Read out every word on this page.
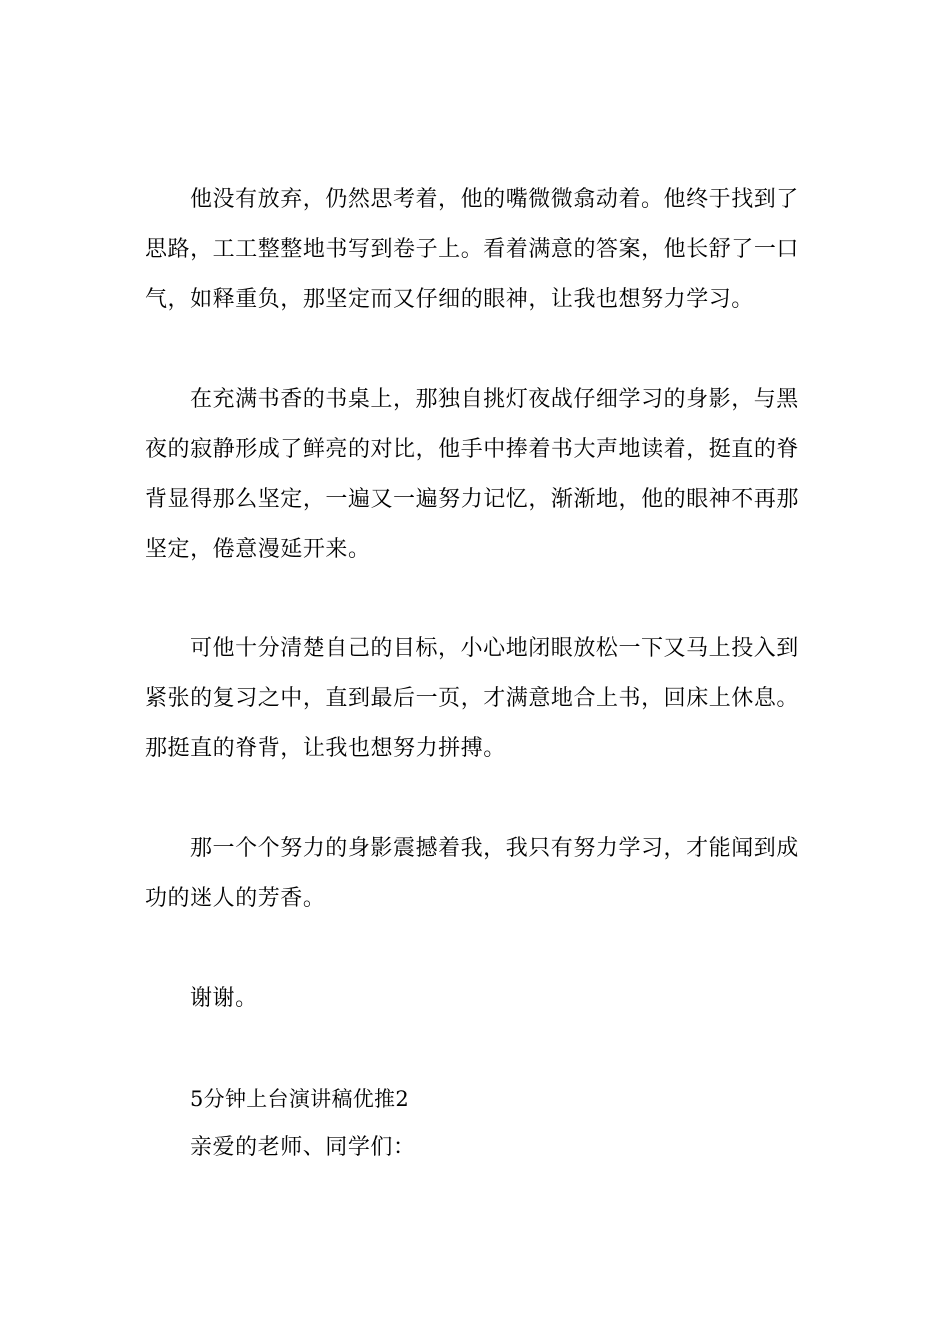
他没有放弃，仍然思考着，他的嘴微微翕动着。他终于找到了

思路，工工整整地书写到卷子上。看着满意的答案，他长舒了一口

气，如释重负，那坚定而又仔细的眼神，让我也想努力学习。

在充满书香的书桌上，那独自挑灯夜战仔细学习的身影，与黑

夜的寂静形成了鲜亮的对比，他手中捧着书大声地读着，挺直的脊

背显得那么坚定，一遍又一遍努力记忆，渐渐地，他的眼神不再那

坚定，倦意漫延开来。

可他十分清楚自己的目标，小心地闭眼放松一下又马上投入到

紧张的复习之中，直到最后一页，才满意地合上书，回床上休息。

那挺直的脊背，让我也想努力拼搏。

那一个个努力的身影震撼着我，我只有努力学习，才能闻到成

功的迷人的芳香。

谢谢。

5分钟上台演讲稿优推2

亲爱的老师、同学们：
